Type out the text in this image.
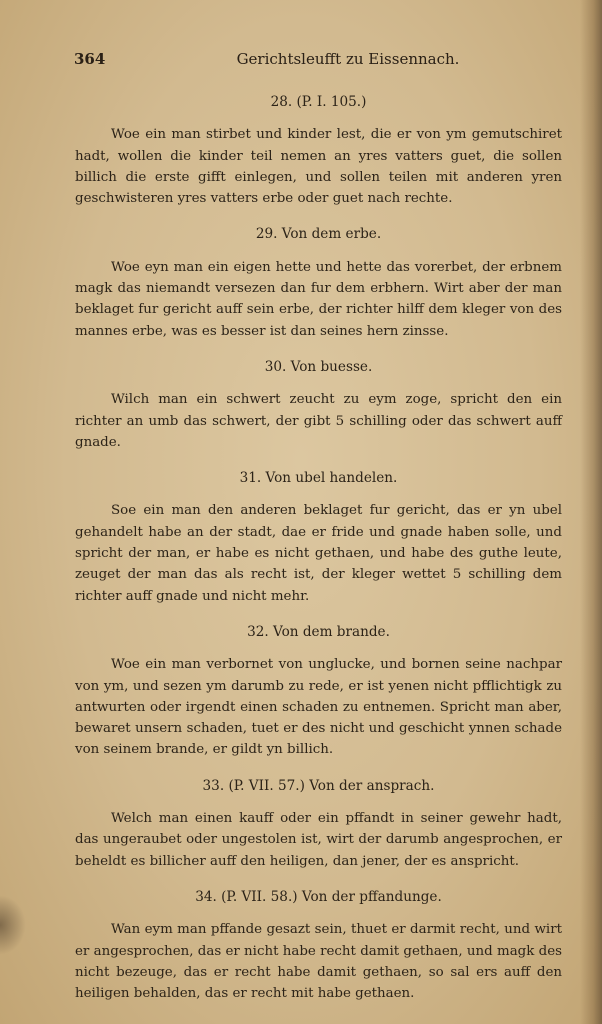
364	Gerichtsleufft zu Eissennach.
28. (P. I. 105.)

Woe ein man stirbet und kinder lest, die er von ym gemutschiret hadt, wollen die kinder teil nemen an yres vatters guet, die sollen billich die erste gifft einlegen, und sollen teilen mit anderen yren geschwisteren yres vatters erbe oder guet nach rechte.

29. Von dem erbe.

Woe eyn man ein eigen hette und hette das vorerbet, der erbnem magk das niemandt versezen dan fur dem erbhern. Wirt aber der man beklaget fur gericht auff sein erbe, der richter hilff dem kleger von des mannes erbe, was es besser ist dan seines hern zinsse.

30. Von buesse.

Wilch man ein schwert zeucht zu eym zoge, spricht den ein richter an umb das schwert, der gibt 5 schilling oder das schwert auff gnade.

31. Von ubel handelen.

Soe ein man den anderen beklaget fur gericht, das er yn ubel gehandelt habe an der stadt, dae er fride und gnade haben solle, und spricht der man, er habe es nicht gethaen, und habe des guthe leute, zeuget der man das als recht ist, der kleger wettet 5 schilling dem richter auff gnade und nicht mehr.

32. Von dem brande.

Woe ein man verbornet von unglucke, und bornen seine nachpar von ym, und sezen ym darumb zu rede, er ist yenen nicht pfflichtigk zu antwurten oder irgendt einen schaden zu entnemen. Spricht man aber, bewaret unsern schaden, tuet er des nicht und geschicht ynnen schade von seinem brande, er gildt yn billich.

33. (P. VII. 57.) Von der ansprach.

Welch man einen kauff oder ein pffandt in seiner gewehr hadt, das ungeraubet oder ungestolen ist, wirt der darumb angesprochen, er beheldt es billicher auff den heiligen, dan jener, der es anspricht.

34. (P. VII. 58.) Von der pffandunge.

Wan eym man pffande gesazt sein, thuet er darmit recht, und wirt er angesprochen, das er nicht habe recht damit gethaen, und magk des nicht bezeuge, das er recht habe damit gethaen, so sal ers auff den heiligen behalden, das er recht mit habe gethaen.
